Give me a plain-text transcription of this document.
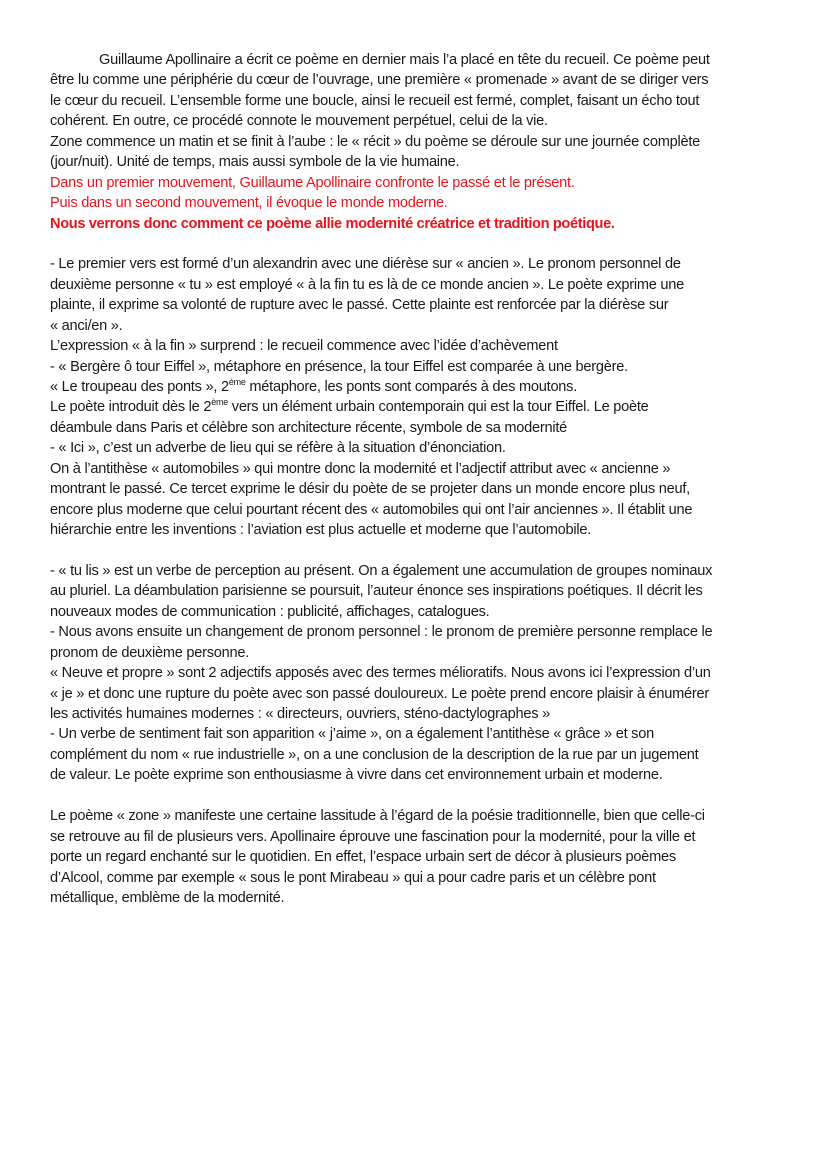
Guillaume Apollinaire a écrit ce poème en dernier mais l’a placé en tête du recueil. Ce poème peut
être lu comme une périphérie du cœur de l’ouvrage, une première « promenade » avant de se diriger vers
le cœur du recueil. L’ensemble forme une boucle, ainsi le recueil est fermé, complet, faisant un écho tout
cohérent. En outre, ce procédé connote le mouvement perpétuel, celui de la vie.
Zone commence un matin et se finit à l’aube : le « récit » du poème se déroule sur une journée complète
(jour/nuit). Unité de temps, mais aussi symbole de la vie humaine.
Dans un premier mouvement, Guillaume Apollinaire confronte le passé et le présent.
Puis dans un second mouvement, il évoque le monde moderne.
Nous verrons donc comment ce poème allie modernité créatrice et tradition poétique.
- Le premier vers est formé d’un alexandrin avec une diérèse sur « ancien ». Le pronom personnel de
deuxième personne « tu » est employé « à la fin tu es là de ce monde ancien ». Le poète exprime une
plainte, il exprime sa volonté de rupture avec le passé. Cette plainte est renforcée par la diérèse sur
« anci/en ».
L’expression « à la fin » surprend : le recueil commence avec l’idée d’achèvement
- « Bergère ô tour Eiffel », métaphore en présence, la tour Eiffel est comparée à une bergère.
« Le troupeau des ponts », 2ème métaphore, les ponts sont comparés à des moutons.
Le poète introduit dès le 2ème vers un élément urbain contemporain qui est la tour Eiffel. Le poète
déambule dans Paris et célèbre son architecture récente, symbole de sa modernité
- « Ici », c’est un adverbe de lieu qui se réfère à la situation d’énonciation.
On à l’antithèse « automobiles » qui montre donc la modernité et l’adjectif attribut avec « ancienne »
montrant le passé. Ce tercet exprime le désir du poète de se projeter dans un monde encore plus neuf,
encore plus moderne que celui pourtant récent des « automobiles qui ont l’air anciennes ». Il établit une
hiérarchie entre les inventions : l’aviation est plus actuelle et moderne que l’automobile.
- « tu lis » est un verbe de perception au présent. On a également une accumulation de groupes nominaux
au pluriel. La déambulation parisienne se poursuit, l’auteur énonce ses inspirations poétiques. Il décrit les
nouveaux modes de communication : publicité, affichages, catalogues.
- Nous avons ensuite un changement de pronom personnel : le pronom de première personne remplace le
pronom de deuxième personne.
« Neuve et propre » sont 2 adjectifs apposés avec des termes mélioratifs. Nous avons ici l’expression d’un
« je » et donc une rupture du poète avec son passé douloureux. Le poète prend encore plaisir à énumérer
les activités humaines modernes : « directeurs, ouvriers, sténo-dactylographes »
- Un verbe de sentiment fait son apparition « j’aime », on a également l’antithèse « grâce » et son
complément du nom « rue industrielle », on a une conclusion de la description de la rue par un jugement
de valeur. Le poète exprime son enthousiasme à vivre dans cet environnement urbain et moderne.
Le poème « zone » manifeste une certaine lassitude à l’égard de la poésie traditionnelle, bien que celle-ci
se retrouve au fil de plusieurs vers. Apollinaire éprouve une fascination pour la modernité, pour la ville et
porte un regard enchanté sur le quotidien. En effet, l’espace urbain sert de décor à plusieurs poèmes
d’Alcool, comme par exemple « sous le pont Mirabeau » qui a pour cadre paris et un célèbre pont
métallique, emblème de la modernité.
